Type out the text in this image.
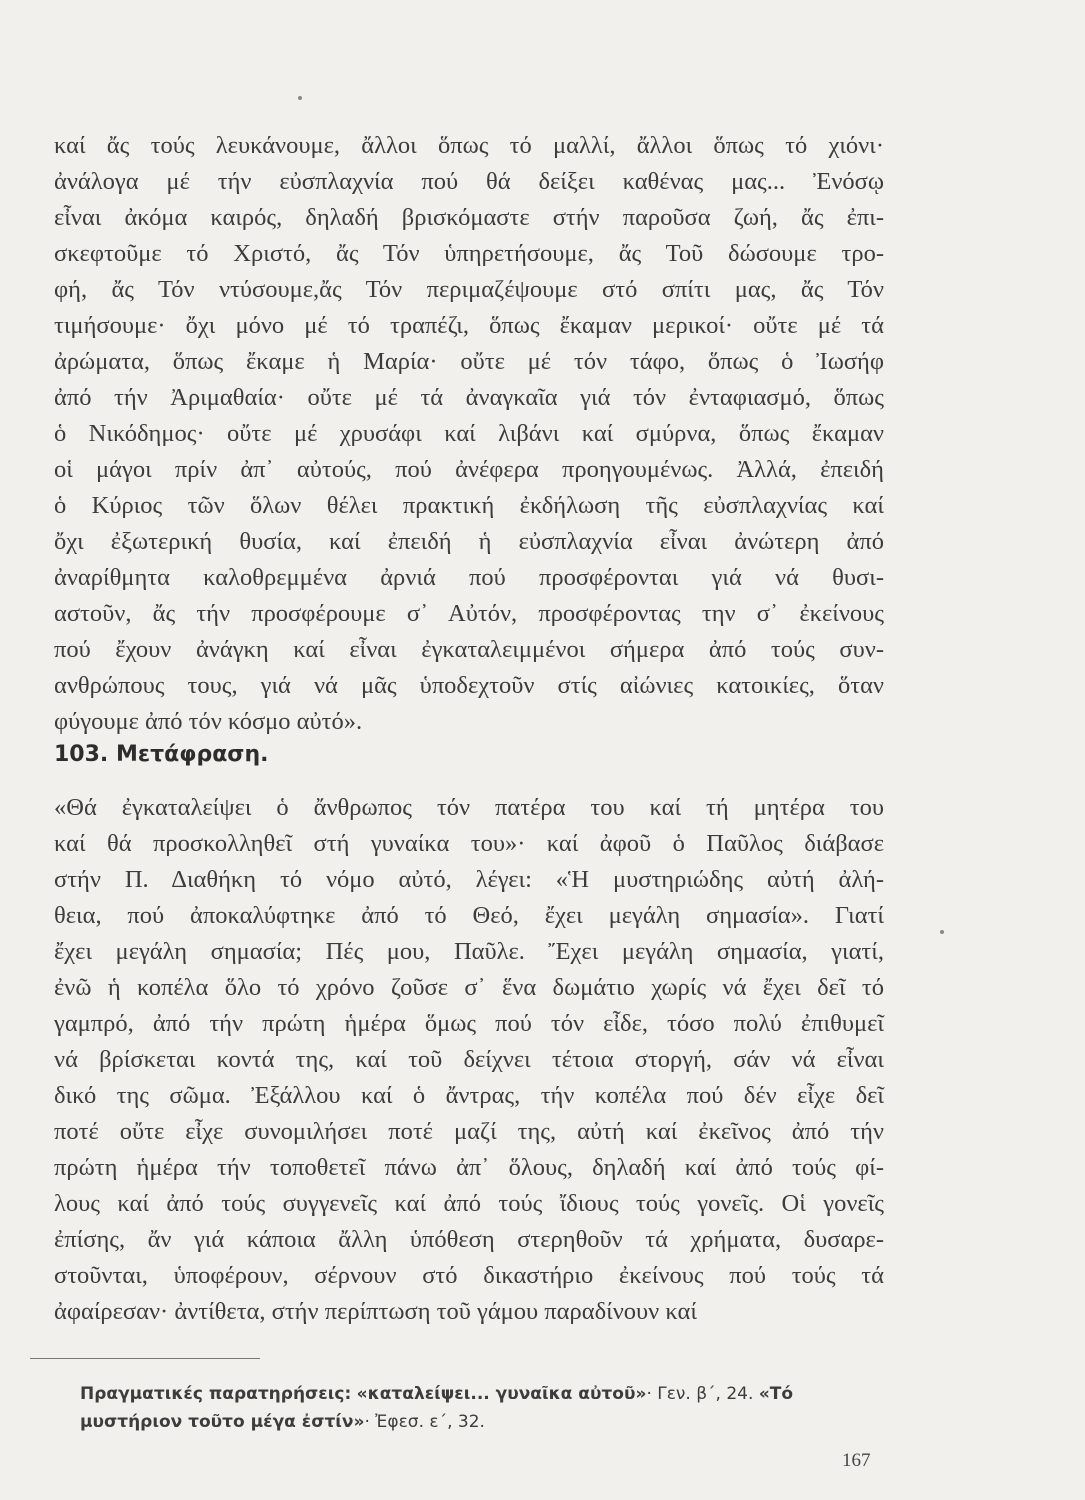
καί ἄς τούς λευκάνουμε, ἄλλοι ὅπως τό μαλλί, ἄλλοι ὅπως τό χιόνι·
ἀνάλογα μέ τήν εὐσπλαχνία πού θά δείξει καθένας μας... Ἐνόσῳ
εἶναι ἀκόμα καιρός, δηλαδή βρισκόμαστε στήν παροῦσα ζωή, ἄς ἐπι-
σκεφτοῦμε τό Χριστό, ἄς Τόν ὑπηρετήσουμε, ἄς Τοῦ δώσουμε τρο-
φή, ἄς Τόν ντύσουμε,ἄς Τόν περιμαζέψουμε στό σπίτι μας, ἄς Τόν
τιμήσουμε· ὄχι μόνο μέ τό τραπέζι, ὅπως ἔκαμαν μερικοί· οὔτε μέ τά
ἀρώματα, ὅπως ἔκαμε ἡ Μαρία· οὔτε μέ τόν τάφο, ὅπως ὁ Ἰωσήφ
ἀπό τήν Ἀριμαθαία· οὔτε μέ τά ἀναγκαῖα γιά τόν ἐνταφιασμό, ὅπως
ὁ Νικόδημος· οὔτε μέ χρυσάφι καί λιβάνι καί σμύρνα, ὅπως ἔκαμαν
οἱ μάγοι πρίν ἀπ᾿ αὐτούς, πού ἀνέφερα προηγουμένως. Ἀλλά, ἐπειδή
ὁ Κύριος τῶν ὅλων θέλει πρακτική ἐκδήλωση τῆς εὐσπλαχνίας καί
ὄχι ἐξωτερική θυσία, καί ἐπειδή ἡ εὐσπλαχνία εἶναι ἀνώτερη ἀπό
ἀναρίθμητα καλοθρεμμένα ἀρνιά πού προσφέρονται γιά νά θυσι-
αστοῦν, ἄς τήν προσφέρουμε σ᾿ Αὐτόν, προσφέροντας την σ᾿ ἐκείνους
πού ἔχουν ἀνάγκη καί εἶναι ἐγκαταλειμμένοι σήμερα ἀπό τούς συν-
ανθρώπους τους, γιά νά μᾶς ὑποδεχτοῦν στίς αἰώνιες κατοικίες, ὅταν
φύγουμε ἀπό τόν κόσμο αὐτό».
103. Μετάφραση.
«Θά ἐγκαταλείψει ὁ ἄνθρωπος τόν πατέρα του καί τή μητέρα του
καί θά προσκολληθεῖ στή γυναίκα του»· καί ἀφοῦ ὁ Παῦλος διάβασε
στήν Π. Διαθήκη τό νόμο αὐτό, λέγει: «Ἡ μυστηριώδης αὐτή ἀλή-
θεια, πού ἀποκαλύφτηκε ἀπό τό Θεό, ἔχει μεγάλη σημασία». Γιατί
ἔχει μεγάλη σημασία; Πές μου, Παῦλε. Ἔχει μεγάλη σημασία, γιατί,
ἐνῶ ἡ κοπέλα ὅλο τό χρόνο ζοῦσε σ᾿ ἕνα δωμάτιο χωρίς νά ἔχει δεῖ τό
γαμπρό, ἀπό τήν πρώτη ἡμέρα ὅμως πού τόν εἶδε, τόσο πολύ ἐπιθυμεῖ
νά βρίσκεται κοντά της, καί τοῦ δείχνει τέτοια στοργή, σάν νά εἶναι
δικό της σῶμα. Ἐξάλλου καί ὁ ἄντρας, τήν κοπέλα πού δέν εἶχε δεῖ
ποτέ οὔτε εἶχε συνομιλήσει ποτέ μαζί της, αὐτή καί ἐκεῖνος ἀπό τήν
πρώτη ἡμέρα τήν τοποθετεῖ πάνω ἀπ᾿ ὅλους, δηλαδή καί ἀπό τούς φί-
λους καί ἀπό τούς συγγενεῖς καί ἀπό τούς ἴδιους τούς γονεῖς. Οἱ γονεῖς
ἐπίσης, ἄν γιά κάποια ἄλλη ὑπόθεση στερηθοῦν τά χρήματα, δυσαρε-
στοῦνται, ὑποφέρουν, σέρνουν στό δικαστήριο ἐκείνους πού τούς τά
ἀφαίρεσαν· ἀντίθετα, στήν περίπτωση τοῦ γάμου παραδίνουν καί
Πραγματικές παρατηρήσεις: «καταλείψει... γυναῖκα αὐτοῦ»· Γεν. β΄, 24. «Τό μυστήριον τοῦτο μέγα ἐστίν»· Ἐφεσ. ε΄, 32.
167
